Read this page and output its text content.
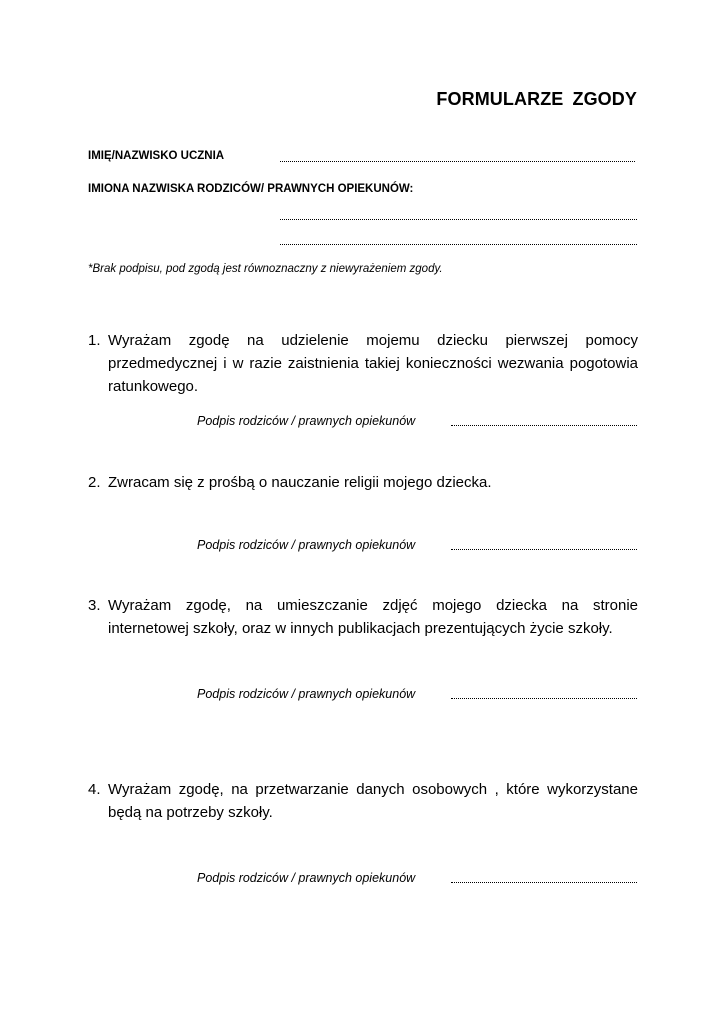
FORMULARZE ZGODY
IMIĘ/NAZWISKO UCZNIA
IMIONA NAZWISKA RODZICÓW/ PRAWNYCH OPIEKUNÓW:
*Brak podpisu, pod zgodą jest równoznaczny z niewyrażeniem zgody.
1. Wyrażam zgodę na udzielenie mojemu dziecku pierwszej pomocy przedmedycznej i w razie zaistnienia takiej konieczności wezwania pogotowia ratunkowego.
Podpis rodziców / prawnych opiekunów
2. Zwracam się z prośbą o nauczanie religii mojego dziecka.
Podpis rodziców / prawnych opiekunów
3. Wyrażam zgodę, na umieszczanie zdjęć mojego dziecka na stronie internetowej szkoły, oraz w innych publikacjach prezentujących życie szkoły.
Podpis rodziców / prawnych opiekunów
4. Wyrażam zgodę, na przetwarzanie danych osobowych , które wykorzystane będą na potrzeby szkoły.
Podpis rodziców / prawnych opiekunów
